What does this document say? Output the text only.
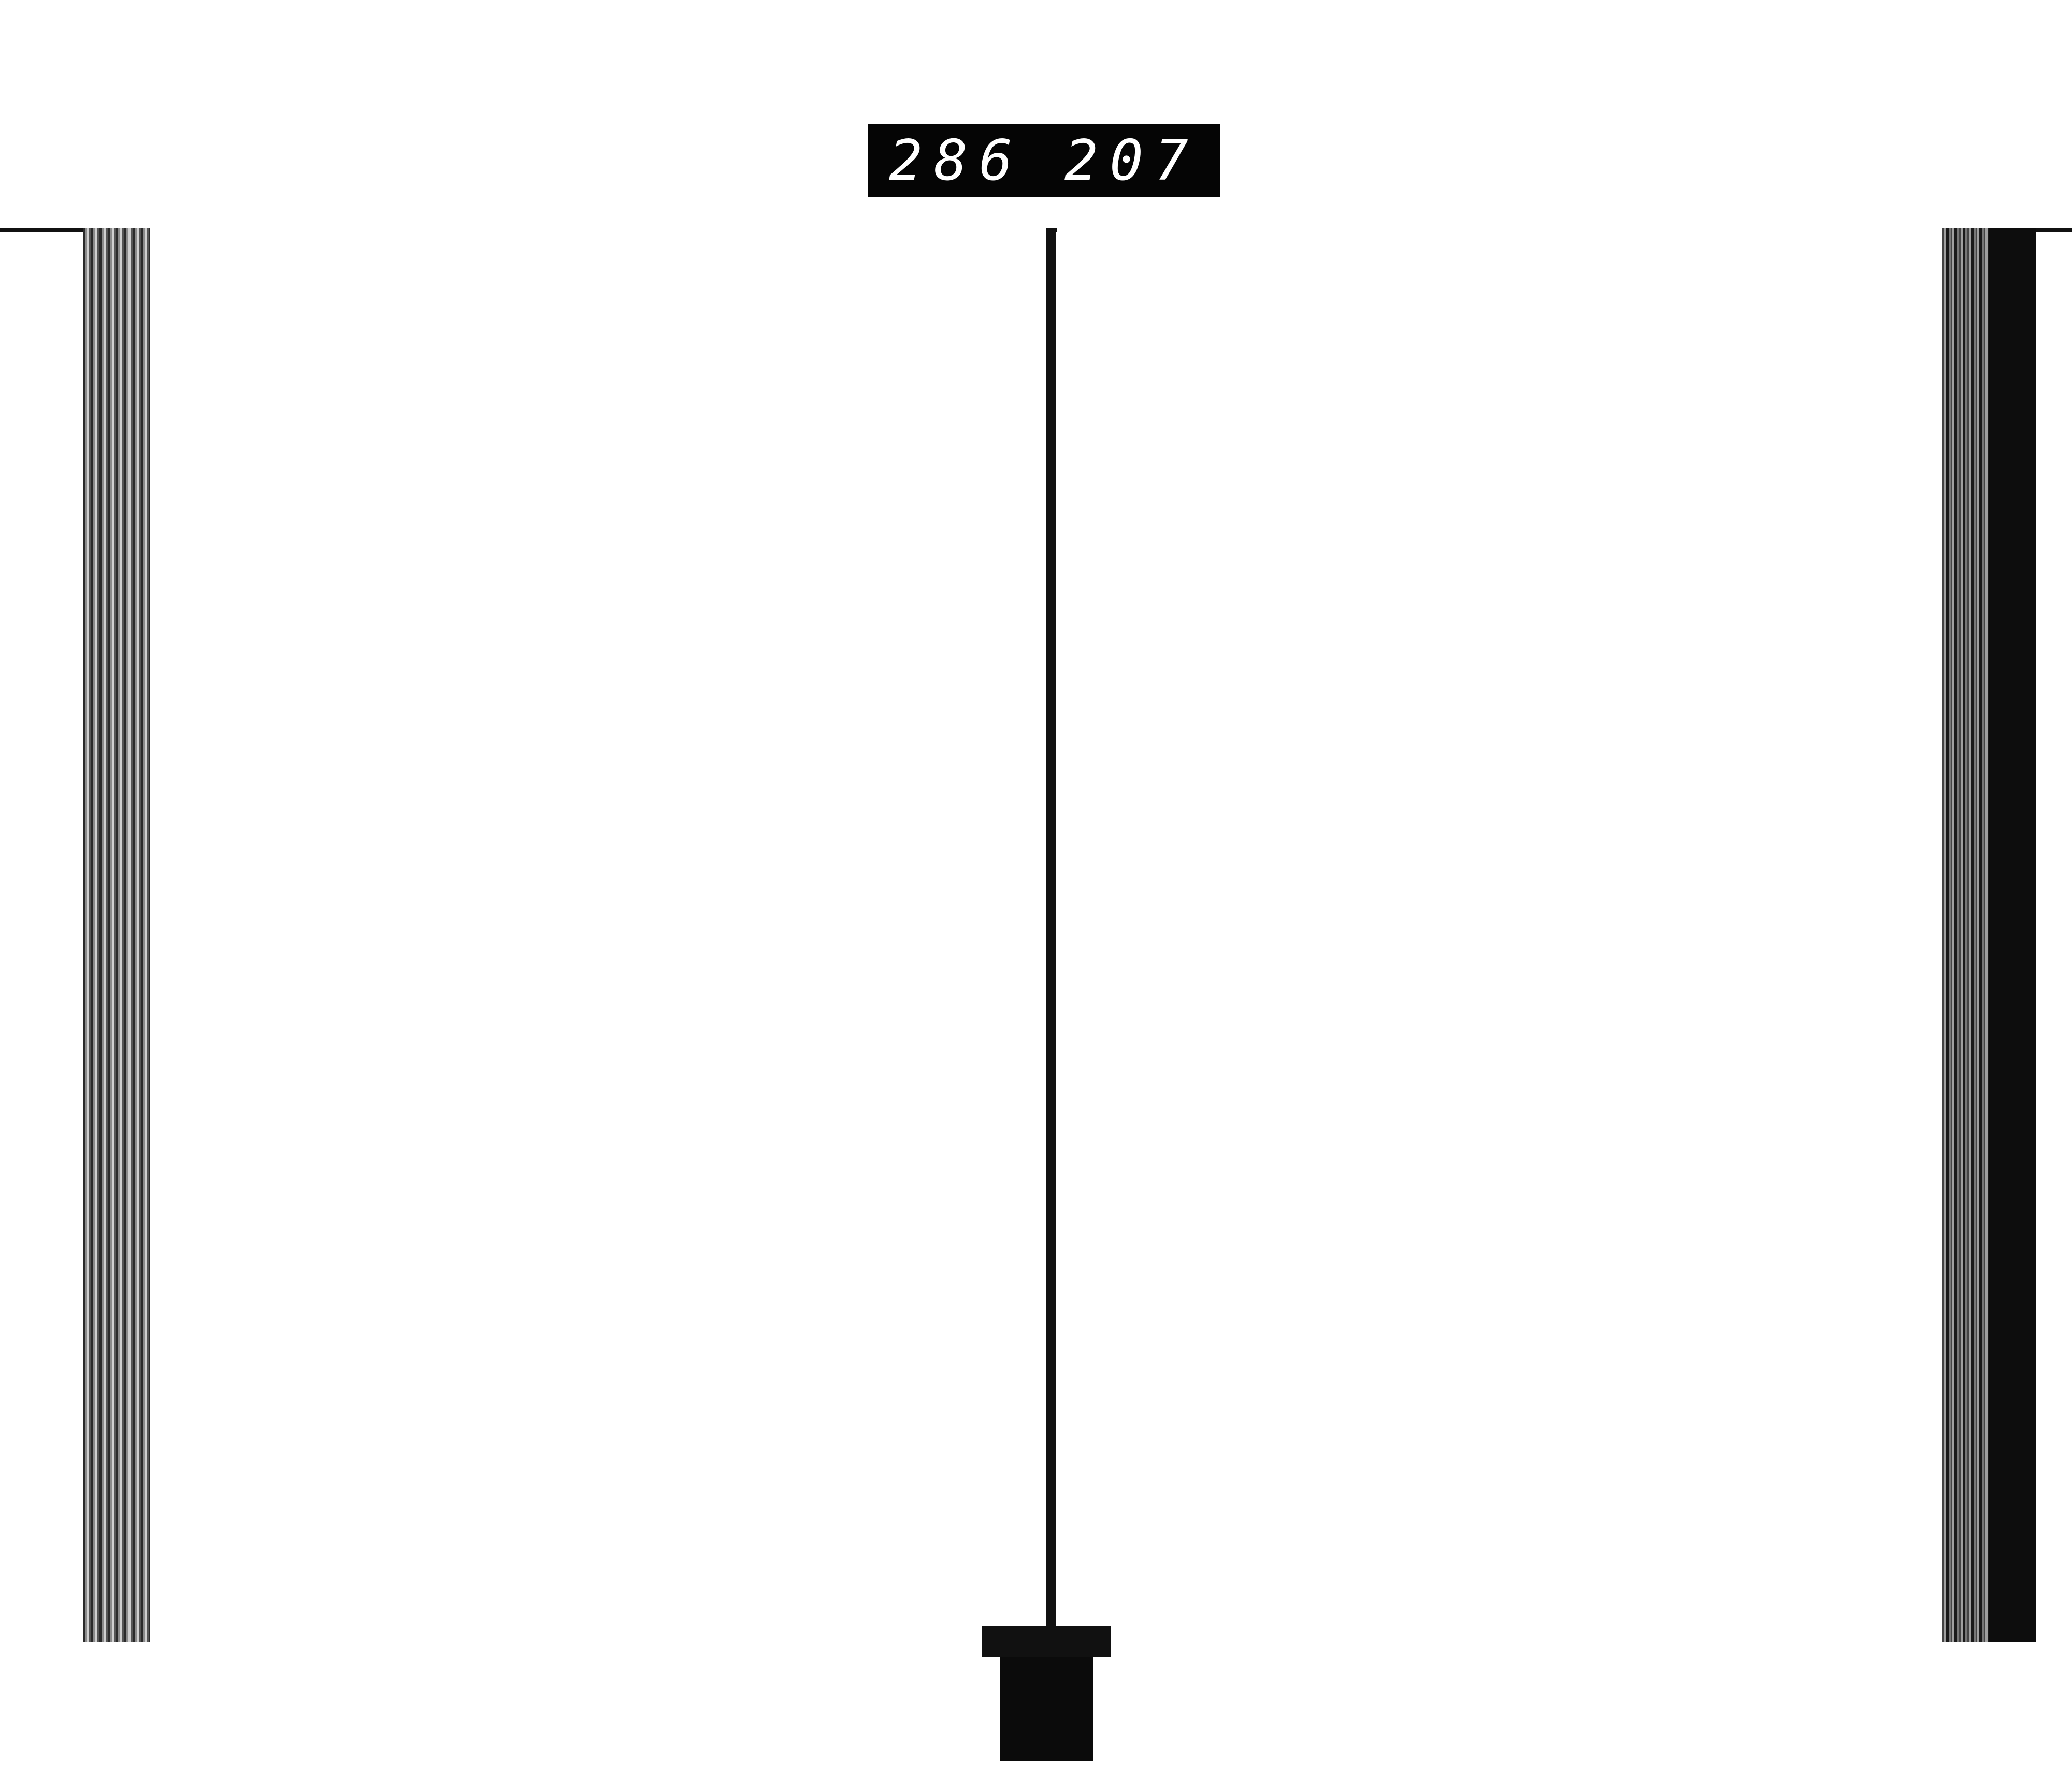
286 207
